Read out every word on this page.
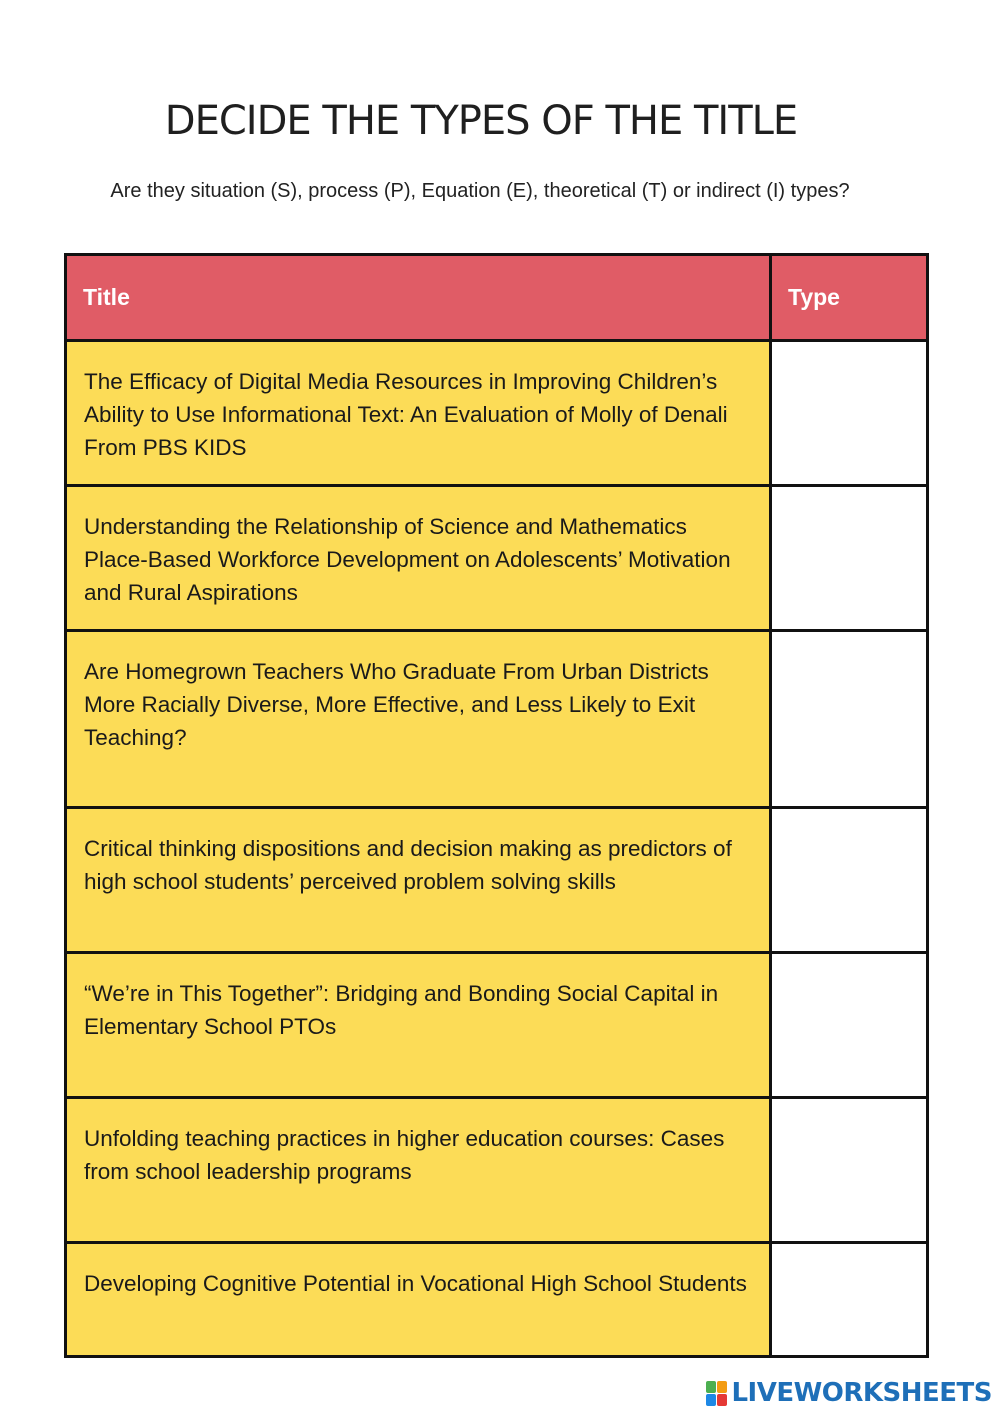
DECIDE THE TYPES OF THE TITLE
Are they situation (S), process (P), Equation (E), theoretical (T) or indirect (I) types?
Title	Type
The Efficacy of Digital Media Resources in Improving Children’s Ability to Use Informational Text: An Evaluation of Molly of Denali From PBS KIDS	
Understanding the Relationship of Science and Mathematics Place-Based Workforce Development on Adolescents’ Motivation and Rural Aspirations	
Are Homegrown Teachers Who Graduate From Urban Districts More Racially Diverse, More Effective, and Less Likely to Exit Teaching?	
Critical thinking dispositions and decision making as predictors of high school students’ perceived problem solving skills	
“We’re in This Together”: Bridging and Bonding Social Capital in Elementary School PTOs	
Unfolding teaching practices in higher education courses: Cases from school leadership programs	
Developing Cognitive Potential in Vocational High School Students	
LIVEWORKSHEETS
